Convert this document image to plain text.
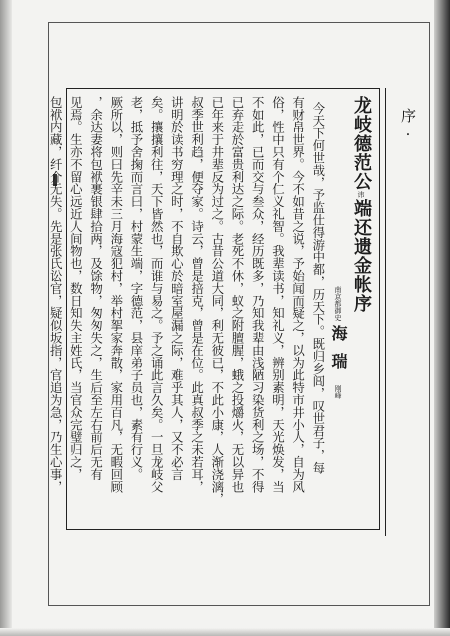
序 ·
龙岐德范公$^讳$端还遗金帐序
南京都御史 海瑞 刚峰
今天下何世哉，予监仕得游中都，历天下。既归乡闾，叹世君子，每
有财帛世界。今不如昔之说，予始闻而疑之，以为此特市井小人，自为风
俗，性中只有个仁义礼智。我辈读书，知礼义，辨别素明，天光焕发，当
不如此，已而交与叁众，经历既多，乃知我辈由浅陋习染货利之场，不得
已弃走於富贵利达之际。老死不休，蚁之附膻腥，蛾之投爝火，无以异也
已年来于井辈反为过之。古昔公道大同，利无彼已，不此小康，人渐浇漓，
叔季世利趋，便夺家。诗云，曾是掊克，曾是在位。此真叔季之未若耳，
讲明於读书穷理之时，不自欺心於暗室屋漏之际，难乎其人，又不必言
矣。攘攘利往，天下皆然也，而谁与易之。予之诵此言久矣。一旦龙岐父
老，抵予舍掬而言曰，村蒙生端，字德范，县庠弟子员也，素有行义。
厥所以，则曰先辛未三月海寇犯村，举村挐家奔散，家用百凡，无暇回顾
，余达妻将包袱裹银肆拾两，及馀物，匆匆失之，生后至左右前后无有
见焉。生亦不留心远近人间物也，数日知失主姓氏，当官众完璧归之，
包袱内藏，纤介无失。先是张氏讼官，疑似坂指，官追为急，乃生心事，
